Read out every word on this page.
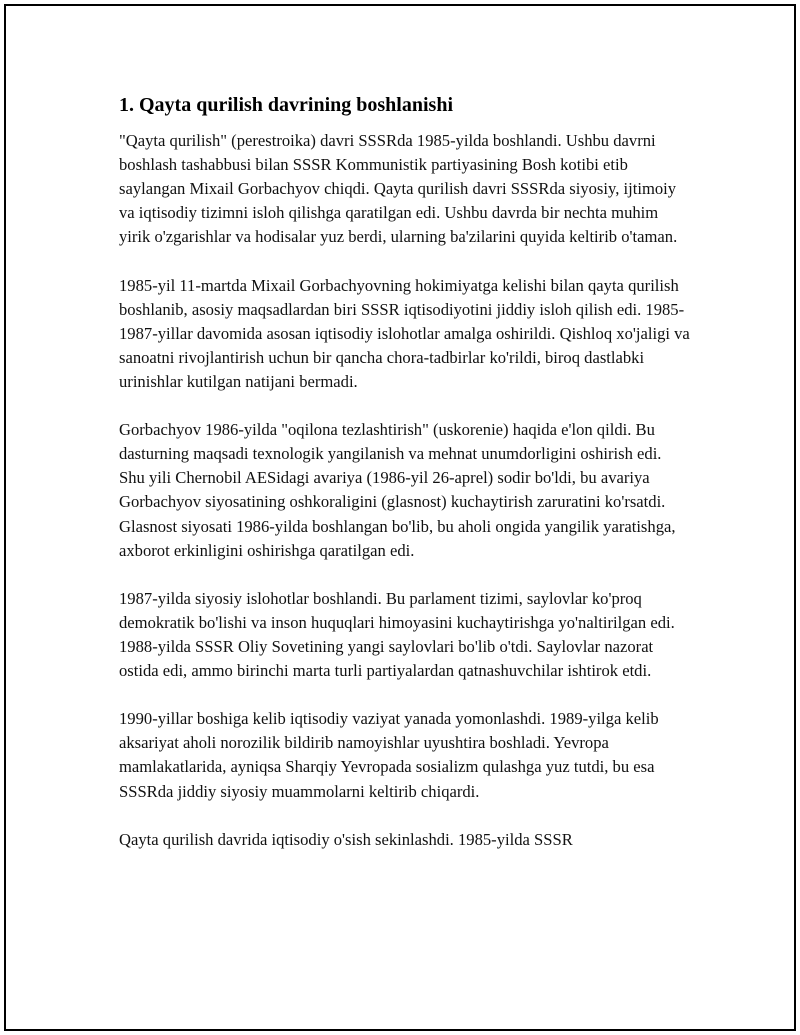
1. Qayta qurilish davrining boshlanishi

"Qayta qurilish" (perestroika) davri SSSRda 1985-yilda boshlandi. Ushbu davrni boshlash tashabbusi bilan SSSR Kommunistik partiyasining Bosh kotibi etib saylangan Mixail Gorbachyov chiqdi. Qayta qurilish davri SSSRda siyosiy, ijtimoiy va iqtisodiy tizimni isloh qilishga qaratilgan edi. Ushbu davrda bir nechta muhim yirik o'zgarishlar va hodisalar yuz berdi, ularning ba'zilarini quyida keltirib o'taman.

1985-yil 11-martda Mixail Gorbachyovning hokimiyatga kelishi bilan qayta qurilish boshlanib, asosiy maqsadlardan biri SSSR iqtisodiyotini jiddiy isloh qilish edi. 1985-1987-yillar davomida asosan iqtisodiy islohotlar amalga oshirildi. Qishloq xo'jaligi va sanoatni rivojlantirish uchun bir qancha chora-tadbirlar ko'rildi, biroq dastlabki urinishlar kutilgan natijani bermadi.

Gorbachyov 1986-yilda "oqilona tezlashtirish" (uskorenie) haqida e'lon qildi. Bu dasturning maqsadi texnologik yangilanish va mehnat unumdorligini oshirish edi. Shu yili Chernobil AESidagi avariya (1986-yil 26-aprel) sodir bo'ldi, bu avariya Gorbachyov siyosatining oshkoraligini (glasnost) kuchaytirish zaruratini ko'rsatdi. Glasnost siyosati 1986-yilda boshlangan bo'lib, bu aholi ongida yangilik yaratishga, axborot erkinligini oshirishga qaratilgan edi.

1987-yilda siyosiy islohotlar boshlandi. Bu parlament tizimi, saylovlar ko'proq demokratik bo'lishi va inson huquqlari himoyasini kuchaytirishga yo'naltirilgan edi. 1988-yilda SSSR Oliy Sovetining yangi saylovlari bo'lib o'tdi. Saylovlar nazorat ostida edi, ammo birinchi marta turli partiyalardan qatnashuvchilar ishtirok etdi.

1990-yillar boshiga kelib iqtisodiy vaziyat yanada yomonlashdi. 1989-yilga kelib aksariyat aholi norozilik bildirib namoyishlar uyushtira boshladi. Yevropa mamlakatlarida, ayniqsa Sharqiy Yevropada sosializm qulashga yuz tutdi, bu esa SSSRda jiddiy siyosiy muammolarni keltirib chiqardi.

Qayta qurilish davrida iqtisodiy o'sish sekinlashdi. 1985-yilda SSSR
